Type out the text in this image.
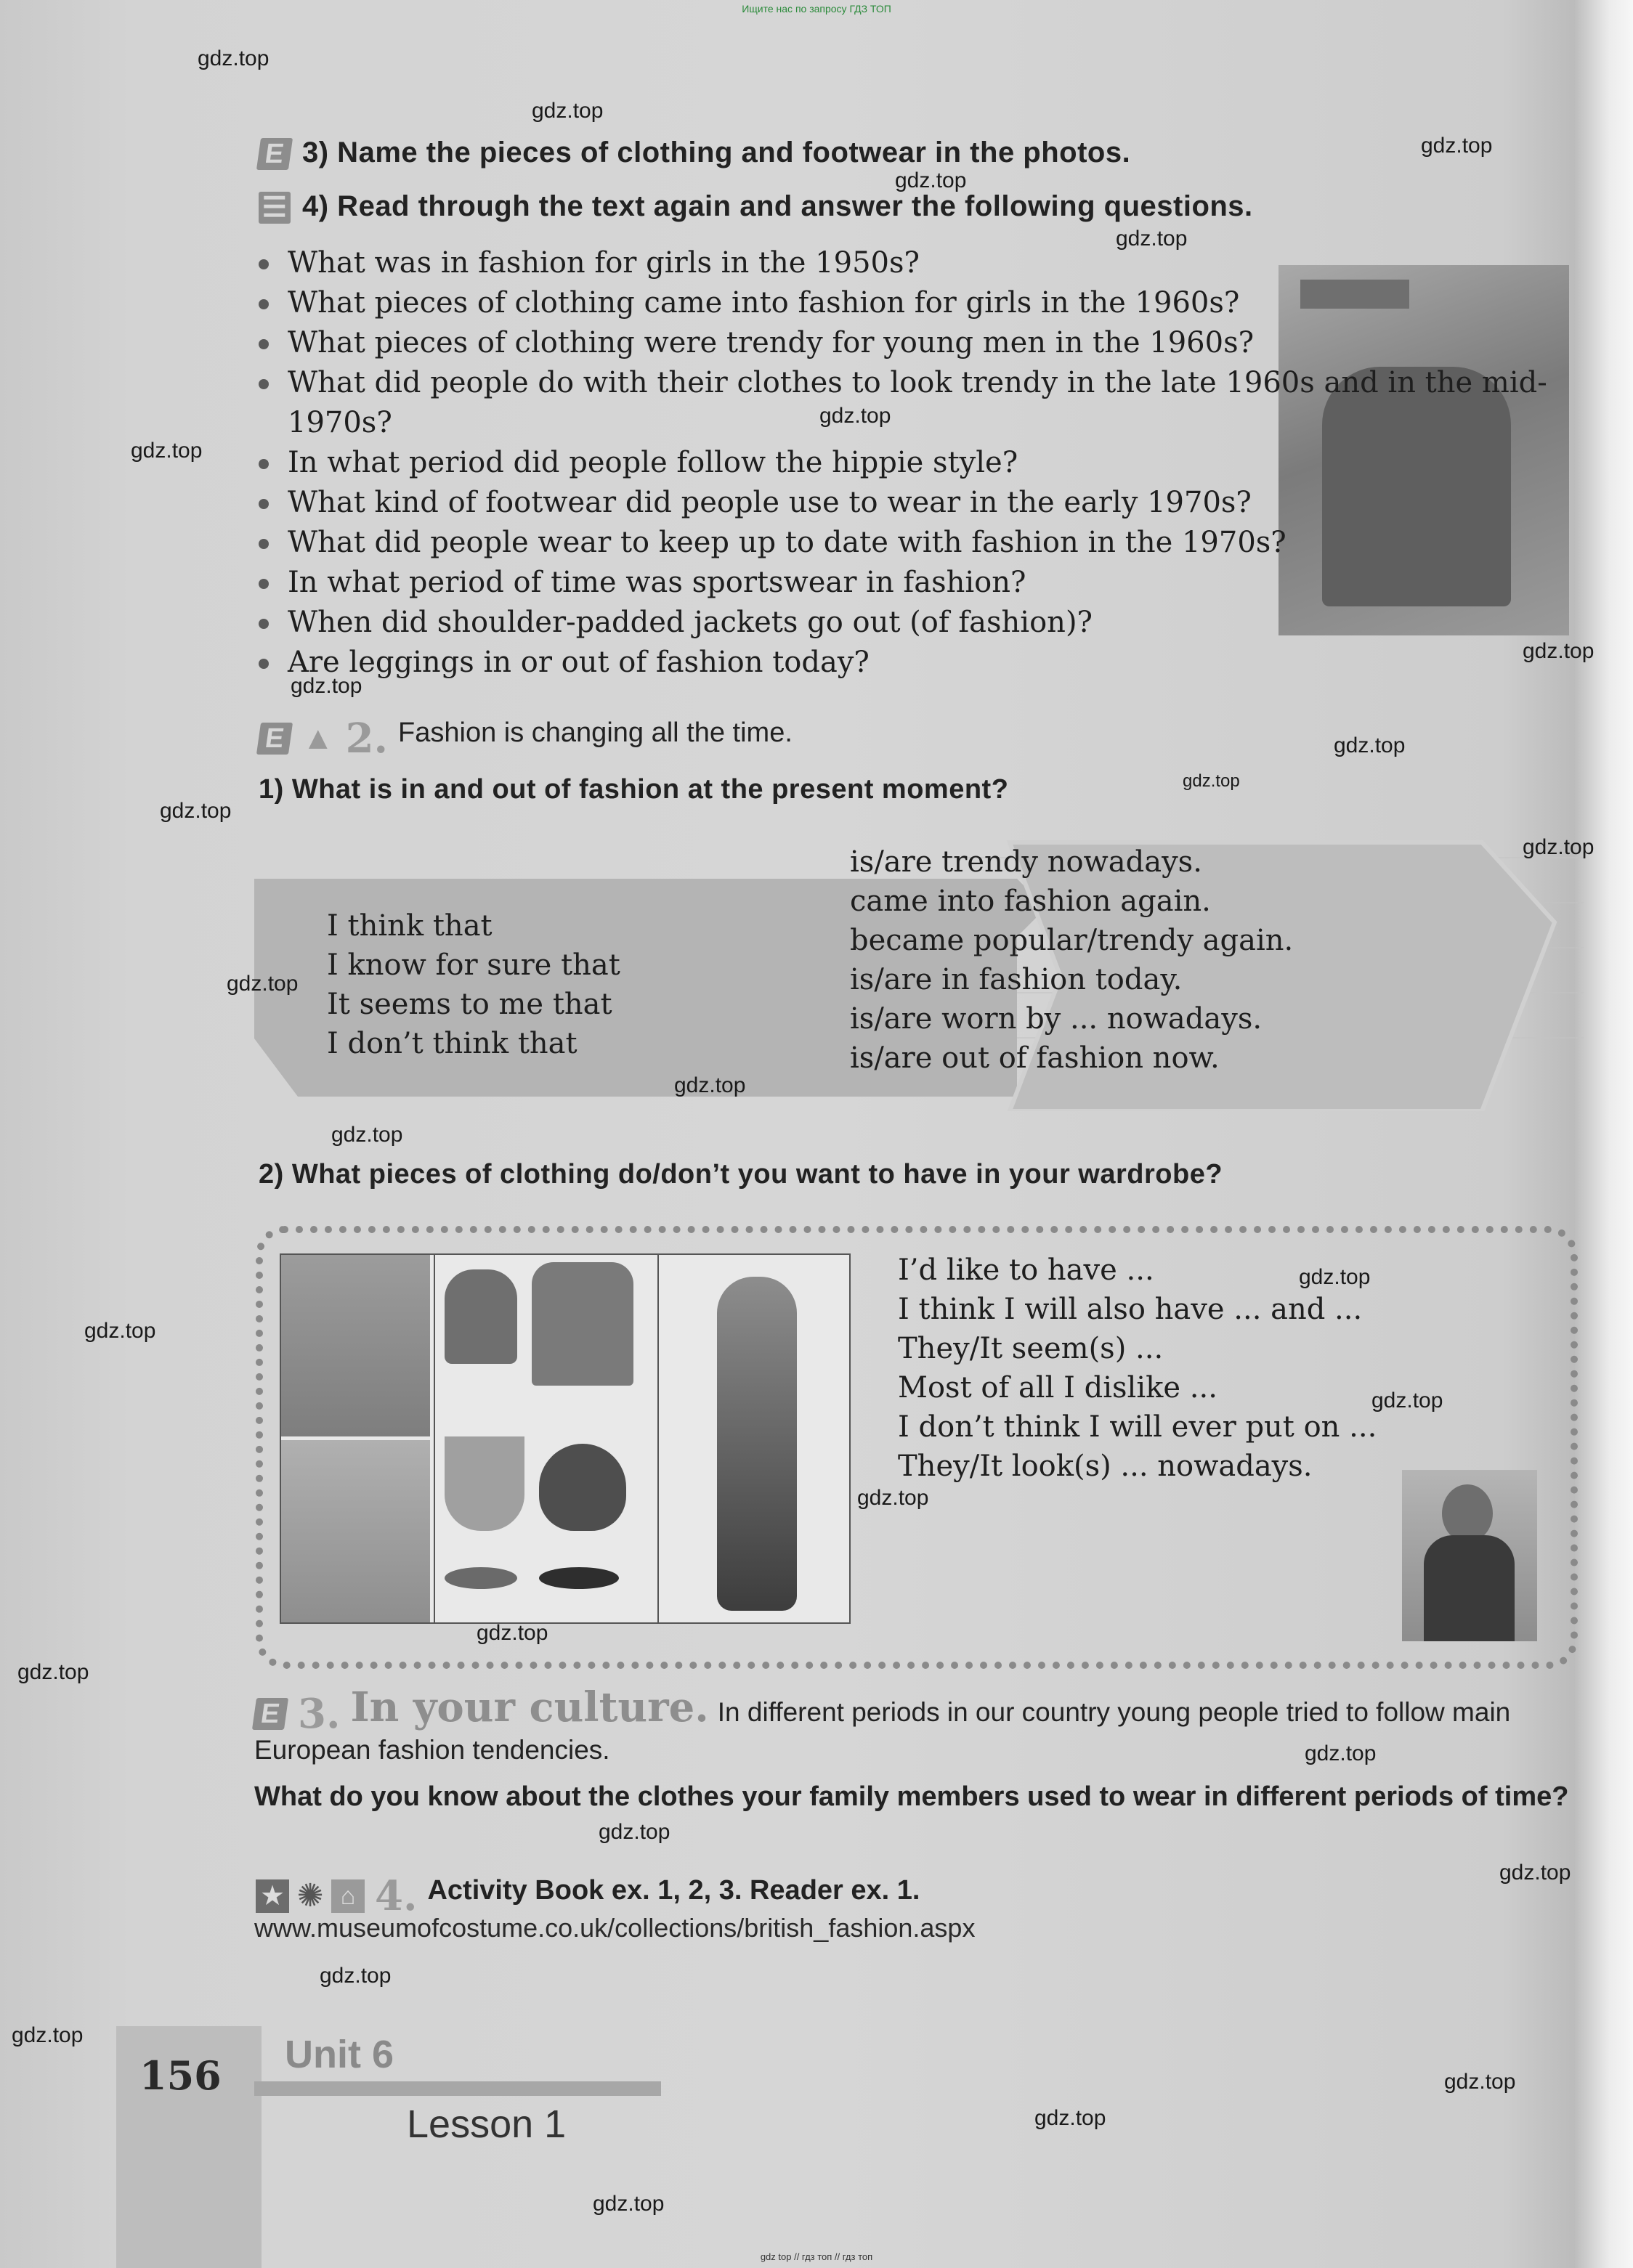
Ищите нас по запросу ГДЗ ТОП
E 3) Name the pieces of clothing and footwear in the photos.
☰ 4) Read through the text again and answer the following questions.
What was in fashion for girls in the 1950s?
What pieces of clothing came into fashion for girls in the 1960s?
What pieces of clothing were trendy for young men in the 1960s?
What did people do with their clothes to look trendy in the late 1960s and in the mid-1970s?
In what period did people follow the hippie style?
What kind of footwear did people use to wear in the early 1970s?
What did people wear to keep up to date with fashion in the 1970s?
In what period of time was sportswear in fashion?
When did shoulder-padded jackets go out (of fashion)?
Are leggings in or out of fashion today?
E ▲ 2. Fashion is changing all the time.
1) What is in and out of fashion at the present moment?
I think that
I know for sure that
It seems to me that
I don’t think that
is/are trendy nowadays.
came into fashion again.
became popular/trendy again.
is/are in fashion today.
is/are worn by ... nowadays.
is/are out of fashion now.
2) What pieces of clothing do/don’t you want to have in your wardrobe?
I’d like to have ...
I think I will also have ... and ...
They/It seem(s) ...
Most of all I dislike ...
I don’t think I will ever put on ...
They/It look(s) ... nowadays.
E 3. In your culture. In different periods in our country young people tried to follow main European fashion tendencies.
What do you know about the clothes your family members used to wear in different periods of time?
★ ✺ ⌂ 4. Activity Book ex. 1, 2, 3. Reader ex. 1.
www.museumofcostume.co.uk/collections/british_fashion.aspx
156 Unit 6
Lesson 1
gdz top // гдз топ // гдз топ
gdz.top
gdz.top
gdz.top
gdz.top
gdz.top
gdz.top
gdz.top
gdz.top
gdz.top
gdz.top
gdz.top
gdz.top
gdz.top
gdz.top
gdz.top
gdz.top
gdz.top
gdz.top
gdz.top
gdz.top
gdz.top
gdz.top
gdz.top
gdz.top
gdz.top
gdz.top
gdz.top
gdz.top
gdz.top
gdz.top
